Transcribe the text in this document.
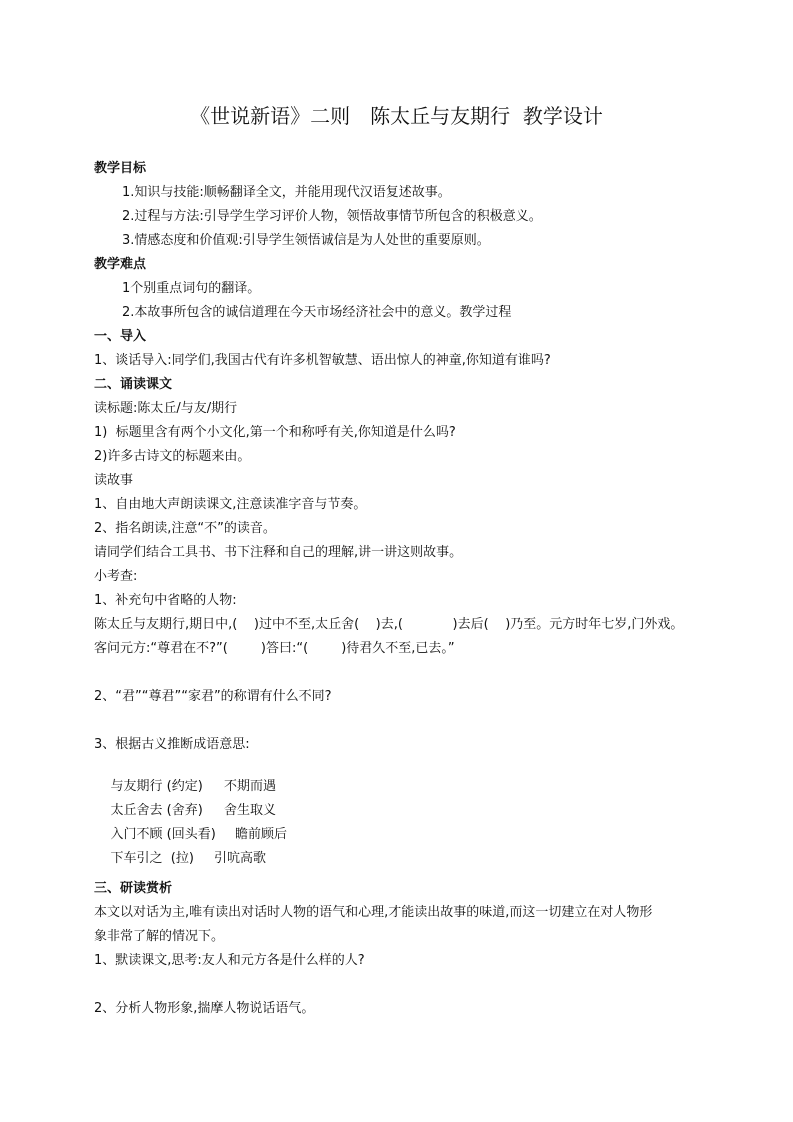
《世说新语》二则　陈太丘与友期行  教学设计
教学目标
1.知识与技能:顺畅翻译全文，并能用现代汉语复述故事。
2.过程与方法:引导学生学习评价人物，领悟故事情节所包含的积极意义。
3.情感态度和价值观:引导学生领悟诚信是为人处世的重要原则。
教学难点
1个别重点词句的翻译。
2.本故事所包含的诚信道理在今天市场经济社会中的意义。教学过程
一、导入
1、谈话导入:同学们,我国古代有许多机智敏慧、语出惊人的神童,你知道有谁吗?
二、诵读课文
读标题:陈太丘/与友/期行
1)  标题里含有两个小文化,第一个和称呼有关,你知道是什么吗?
2)许多古诗文的标题来由。
读故事
1、自由地大声朗读课文,注意读准字音与节奏。
2、指名朗读,注意“不”的读音。
请同学们结合工具书、书下注释和自己的理解,讲一讲这则故事。
小考查:
1、补充句中省略的人物:
陈太丘与友期行,期日中,(    )过中不至,太丘舍(    )去,(            )去后(    )乃至。元方时年七岁,门外戏。
客问元方:“尊君在不?”(        )答曰:“(        )待君久不至,已去。”
2、“君”“尊君”“家君”的称谓有什么不同?
3、根据古义推断成语意思:

与友期行 (约定) 不期而遇

太丘舍去 (舍弃) 舍生取义

入门不顾 (回头看) 瞻前顾后

下车引之  (拉) 引吭高歌

三、研读赏析
本文以对话为主,唯有读出对话时人物的语气和心理,才能读出故事的味道,而这一切建立在对人物形
象非常了解的情况下。
1、默读课文,思考:友人和元方各是什么样的人?
2、分析人物形象,揣摩人物说话语气。
